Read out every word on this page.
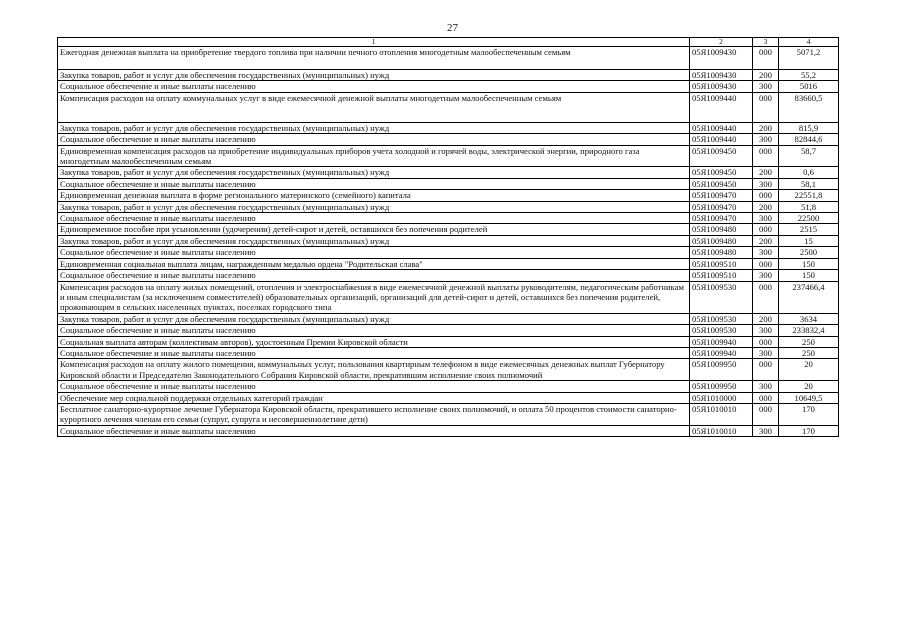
27
1	2	3	4
Ежегодная денежная выплата на приобретение твердого топлива при наличии печного отопления многодетным малообеспеченным семьям	05Я1009430	000	5071,2
Закупка товаров, работ и услуг для обеспечения государственных (муниципальных) нужд	05Я1009430	200	55,2
Социальное обеспечение и иные выплаты населению	05Я1009430	300	5016
Компенсация расходов на оплату коммунальных услуг в виде ежемесячной денежной выплаты многодетным малообеспеченным семьям	05Я1009440	000	83660,5
Закупка товаров, работ и услуг для обеспечения государственных (муниципальных) нужд	05Я1009440	200	815,9
Социальное обеспечение и иные выплаты населению	05Я1009440	300	82844,6
Единовременная компенсация расходов на приобретение индивидуальных приборов учета холодной и горячей воды, электрической энергии, природного газа многодетным малообеспеченным семьям	05Я1009450	000	58,7
Закупка товаров, работ и услуг для обеспечения государственных (муниципальных) нужд	05Я1009450	200	0,6
Социальное обеспечение и иные выплаты населению	05Я1009450	300	58,1
Единовременная денежная выплата в форме регионального материнского (семейного) капитала	05Я1009470	000	22551,8
Закупка товаров, работ и услуг для обеспечения государственных (муниципальных) нужд	05Я1009470	200	51,8
Социальное обеспечение и иные выплаты населению	05Я1009470	300	22500
Единовременное пособие при усыновлении (удочерении) детей-сирот и детей, оставшихся без попечения родителей	05Я1009480	000	2515
Закупка товаров, работ и услуг для обеспечения государственных (муниципальных) нужд	05Я1009480	200	15
Социальное обеспечение и иные выплаты населению	05Я1009480	300	2500
Единовременная социальная выплата лицам, награжденным медалью ордена "Родительская слава"	05Я1009510	000	150
Социальное обеспечение и иные выплаты населению	05Я1009510	300	150
Компенсация расходов на оплату жилых помещений, отопления и электроснабжения в виде ежемесячной денежной выплаты руководителям, педагогическим работникам и иным специалистам (за исключением совместителей) образовательных организаций, организаций для детей-сирот и детей, оставшихся без попечения родителей, проживающим в сельских населенных пунктах, поселках городского типа	05Я1009530	000	237466,4
Закупка товаров, работ и услуг для обеспечения государственных (муниципальных) нужд	05Я1009530	200	3634
Социальное обеспечение и иные выплаты населению	05Я1009530	300	233832,4
Социальная выплата авторам (коллективам авторов), удостоенным Премии Кировской области	05Я1009940	000	250
Социальное обеспечение и иные выплаты населению	05Я1009940	300	250
Компенсация расходов на оплату жилого помещения, коммунальных услуг, пользования квартирным телефоном в виде ежемесячных денежных выплат Губернатору Кировской области и Председателю Законодательного Собрания Кировской области, прекратившим исполнение своих полномочий	05Я1009950	000	20
Социальное обеспечение и иные выплаты населению	05Я1009950	300	20
Обеспечение мер социальной поддержки отдельных категорий граждан	05Я1010000	000	10649,5
Бесплатное санаторно-курортное лечение Губернатора Кировской области, прекратившего исполнение своих полномочий, и оплата 50 процентов стоимости санаторно-курортного лечения членам его семьи (супруг, супруга и несовершеннолетние дети)	05Я1010010	000	170
Социальное обеспечение и иные выплаты населению	05Я1010010	300	170
